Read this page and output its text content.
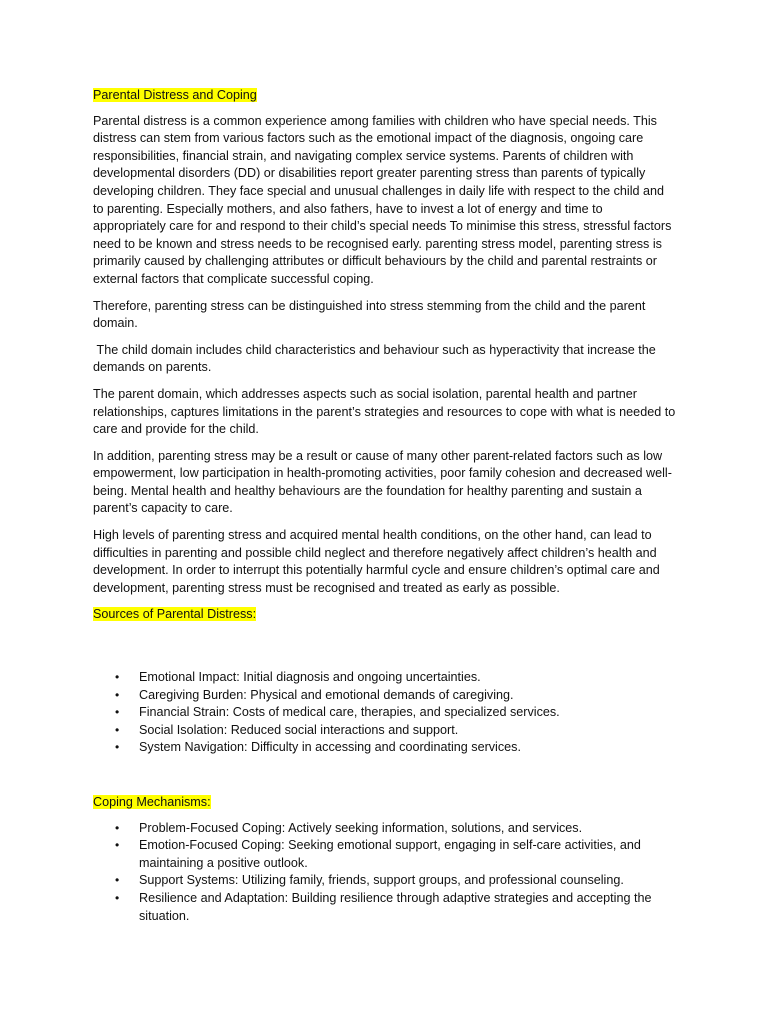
Parental Distress and Coping

Parental distress is a common experience among families with children who have special needs. This distress can stem from various factors such as the emotional impact of the diagnosis, ongoing care responsibilities, financial strain, and navigating complex service systems. Parents of children with developmental disorders (DD) or disabilities report greater parenting stress than parents of typically developing children. They face special and unusual challenges in daily life with respect to the child and to parenting. Especially mothers, and also fathers, have to invest a lot of energy and time to appropriately care for and respond to their child’s special needs To minimise this stress, stressful factors need to be known and stress needs to be recognised early. parenting stress model, parenting stress is primarily caused by challenging attributes or difficult behaviours by the child and parental restraints or external factors that complicate successful coping.

Therefore, parenting stress can be distinguished into stress stemming from the child and the parent domain.

The child domain includes child characteristics and behaviour such as hyperactivity that increase the demands on parents.

The parent domain, which addresses aspects such as social isolation, parental health and partner relationships, captures limitations in the parent’s strategies and resources to cope with what is needed to care and provide for the child.

In addition, parenting stress may be a result or cause of many other parent-related factors such as low empowerment, low participation in health-promoting activities, poor family cohesion and decreased well-being. Mental health and healthy behaviours are the foundation for healthy parenting and sustain a parent’s capacity to care.

High levels of parenting stress and acquired mental health conditions, on the other hand, can lead to difficulties in parenting and possible child neglect and therefore negatively affect children’s health and development. In order to interrupt this potentially harmful cycle and ensure children’s optimal care and development, parenting stress must be recognised and treated as early as possible.

Sources of Parental Distress:
• Emotional Impact: Initial diagnosis and ongoing uncertainties.
• Caregiving Burden: Physical and emotional demands of caregiving.
• Financial Strain: Costs of medical care, therapies, and specialized services.
• Social Isolation: Reduced social interactions and support.
• System Navigation: Difficulty in accessing and coordinating services.
Coping Mechanisms:
• Problem-Focused Coping: Actively seeking information, solutions, and services.
• Emotion-Focused Coping: Seeking emotional support, engaging in self-care activities, and maintaining a positive outlook.
• Support Systems: Utilizing family, friends, support groups, and professional counseling.
• Resilience and Adaptation: Building resilience through adaptive strategies and accepting the situation.
